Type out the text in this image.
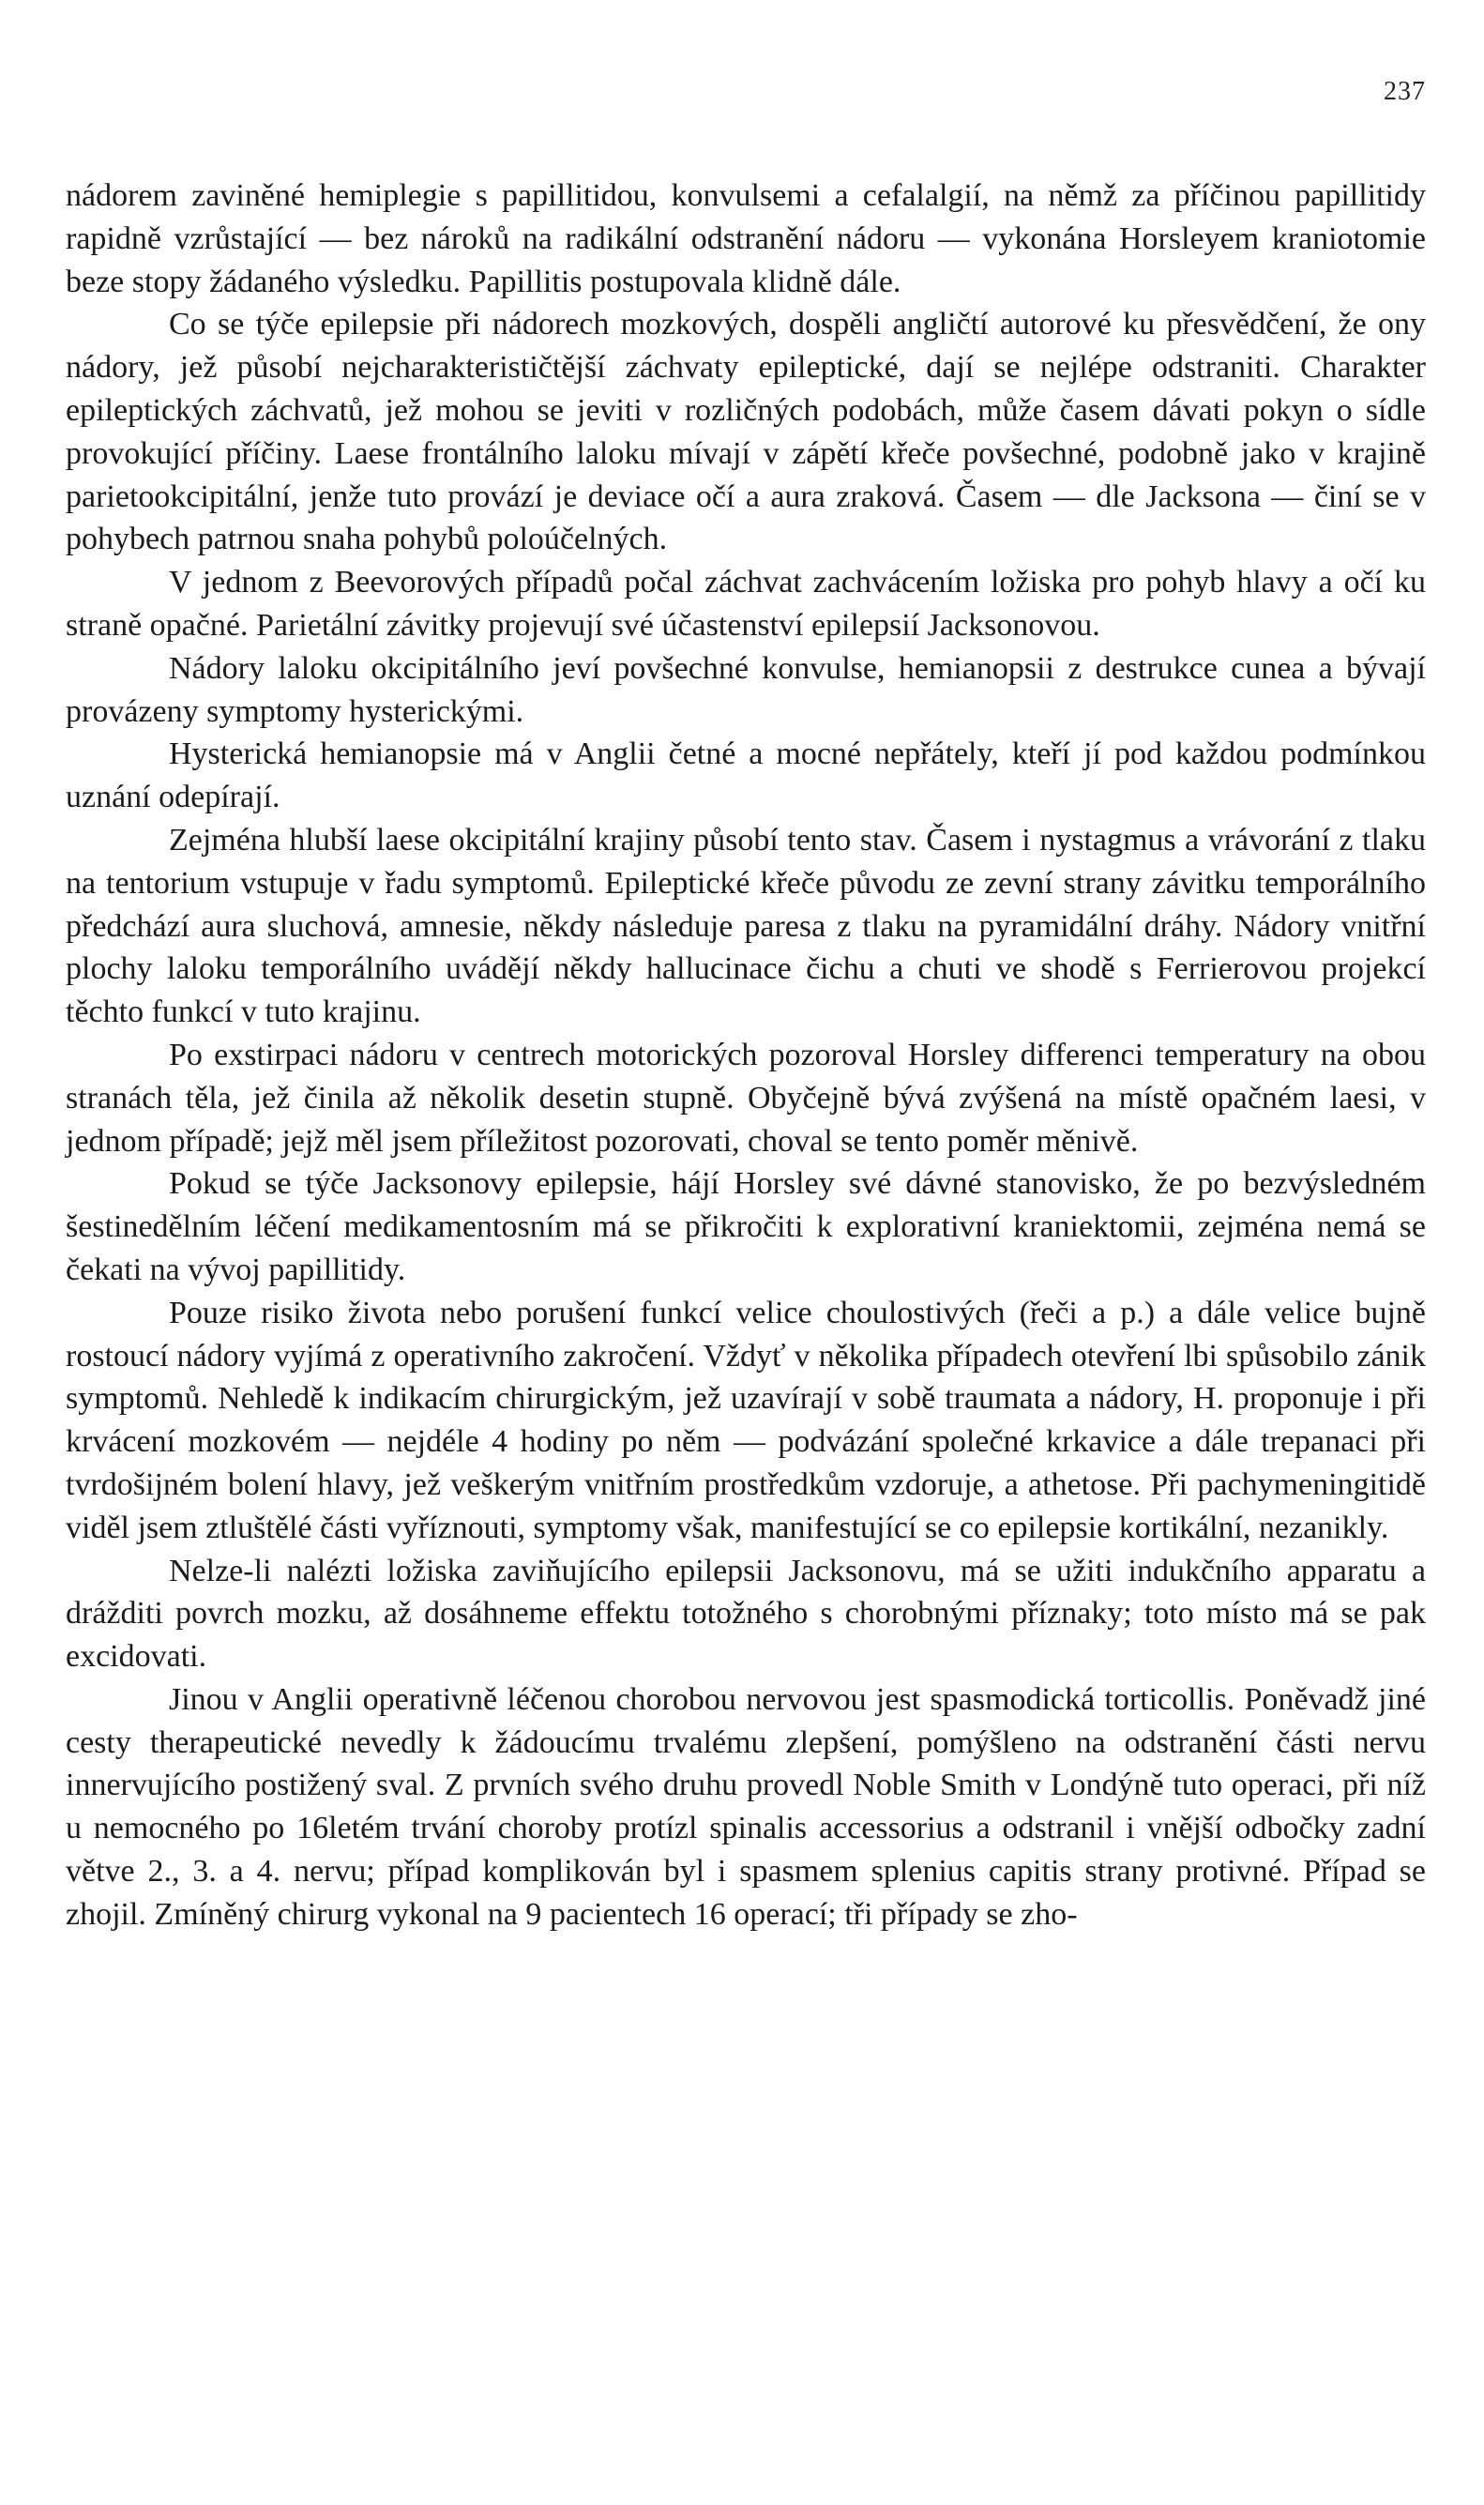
237

nádorem zaviněné hemiplegie s papillitidou, konvulsemi a cefalalgií, na němž za příčinou papillitidy rapidně vzrůstající — bez nároků na radikální odstranění nádoru — vykonána Horsleyem kraniotomie beze stopy žádaného výsledku. Papillitis postupovala klidně dále.

Co se týče epilepsie při nádorech mozkových, dospěli angličtí autorové ku přesvědčení, že ony nádory, jež působí nejcharakterističtější záchvaty epileptické, dají se nejlépe odstraniti. Charakter epileptických záchvatů, jež mohou se jeviti v rozličných podobách, může časem dávati pokyn o sídle provokující příčiny. Laese frontálního laloku mívají v zápětí křeče povšechné, podobně jako v krajině parietookcipitální, jenže tuto provází je deviace očí a aura zraková. Časem — dle Jacksona — činí se v pohybech patrnou snaha pohybů poloúčelných.

V jednom z Beevorových případů počal záchvat zachvácením ložiska pro pohyb hlavy a očí ku straně opačné. Parietální závitky projevují své účastenství epilepsií Jacksonovou.

Nádory laloku okcipitálního jeví povšechné konvulse, hemianopsii z destrukce cunea a bývají provázeny symptomy hysterickými.

Hysterická hemianopsie má v Anglii četné a mocné nepřátely, kteří jí pod každou podmínkou uznání odepírají.

Zejména hlubší laese okcipitální krajiny působí tento stav. Časem i nystagmus a vrávorání z tlaku na tentorium vstupuje v řadu symptomů. Epileptické křeče původu ze zevní strany závitku temporálního předchází aura sluchová, amnesie, někdy následuje paresa z tlaku na pyramidální dráhy. Nádory vnitřní plochy laloku temporálního uvádějí někdy hallucinace čichu a chuti ve shodě s Ferrierovou projekcí těchto funkcí v tuto krajinu.

Po exstirpaci nádoru v centrech motorických pozoroval Horsley differenci temperatury na obou stranách těla, jež činila až několik desetin stupně. Obyčejně bývá zvýšená na místě opačném laesi, v jednom případě; jejž měl jsem příležitost pozorovati, choval se tento poměr měnivě.

Pokud se týče Jacksonovy epilepsie, hájí Horsley své dávné stanovisko, že po bezvýsledném šestinedělním léčení medikamentosním má se přikročiti k explorativní kraniektomii, zejména nemá se čekati na vývoj papillitidy.

Pouze risiko života nebo porušení funkcí velice choulostivých (řeči a p.) a dále velice bujně rostoucí nádory vyjímá z operativního zakročení. Vždyť v několika případech otevření lbi spůsobilo zánik symptomů. Nehledě k indikacím chirurgickým, jež uzavírají v sobě traumata a nádory, H. proponuje i při krvácení mozkovém — nejdéle 4 hodiny po něm — podvázání společné krkavice a dále trepanaci při tvrdošijném bolení hlavy, jež veškerým vnitřním prostředkům vzdoruje, a athetose. Při pachymeningitidě viděl jsem ztluštělé části vyříznouti, symptomy však, manifestující se co epilepsie kortikální, nezanikly.

Nelze-li nalézti ložiska zaviňujícího epilepsii Jacksonovu, má se užiti indukčního apparatu a drážditi povrch mozku, až dosáhneme effektu totožného s chorobnými příznaky; toto místo má se pak excidovati.

Jinou v Anglii operativně léčenou chorobou nervovou jest spasmodická torticollis. Poněvadž jiné cesty therapeutické nevedly k žádoucímu trvalému zlepšení, pomýšleno na odstranění části nervu innervujícího postižený sval. Z prvních svého druhu provedl Noble Smith v Londýně tuto operaci, při níž u nemocného po 16letém trvání choroby protízl spinalis accessorius a odstranil i vnější odbočky zadní větve 2., 3. a 4. nervu; případ komplikován byl i spasmem splenius capitis strany protivné. Případ se zhojil. Zmíněný chirurg vykonal na 9 pacientech 16 operací; tři případy se zho-
